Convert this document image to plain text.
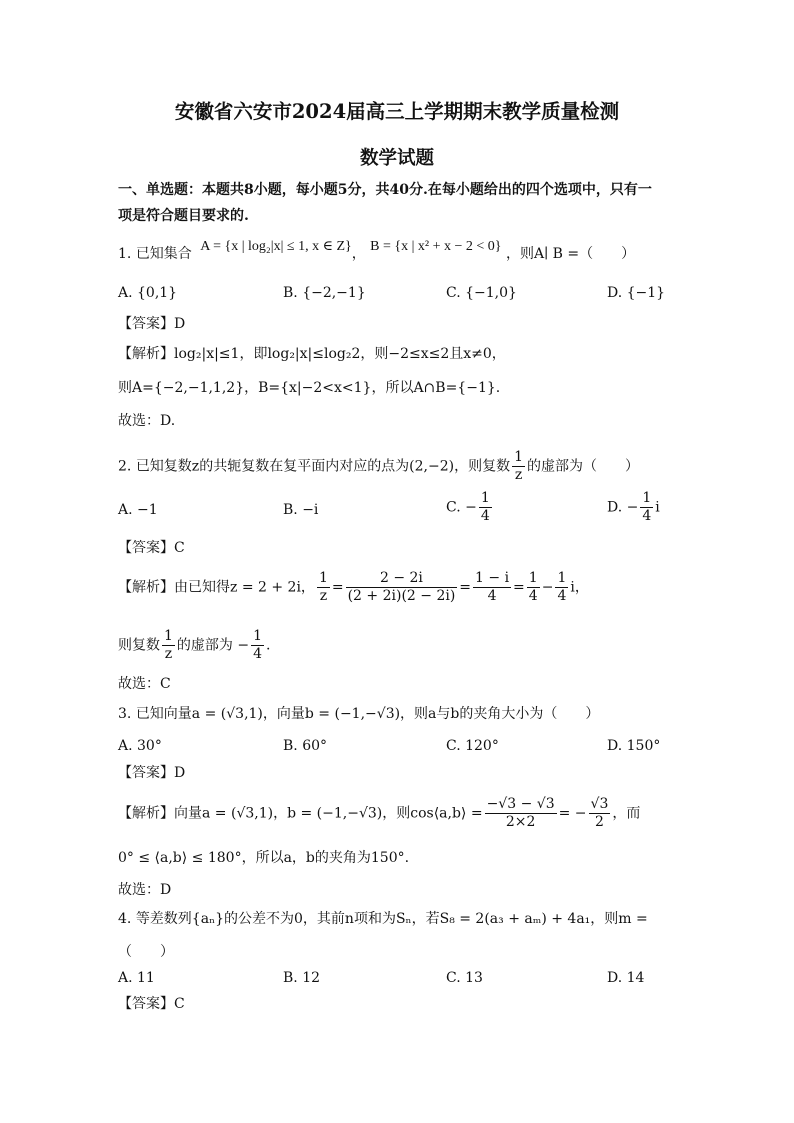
安徽省六安市2024届高三上学期期末教学质量检测
数学试题
一、单选题：本题共8小题，每小题5分，共40分.在每小题给出的四个选项中，只有一
项是符合题目要求的.
1. 已知集合 A = {x | log₂|x| ≤ 1, x ∈ Z}， B = {x | x² + x − 2 < 0} ，则A∣ B =（　　）
A. {0,1}	B. {−2,−1}	C. {−1,0}	D. {−1}
【答案】D
【解析】log₂|x|≤1，即log₂|x|≤log₂2，则−2≤x≤2且x≠0，
则A={−2,−1,1,2}，B={x|−2<x<1}，所以A∩B={−1}.
故选：D.
2. 已知复数z的共轭复数在复平面内对应的点为(2,−2)，则复数 $\frac{1}{z}$ 的虚部为（　　）
A. −1	B. −i	C. − $\frac{1}{4}$	D. − $\frac{1}{4}$ i
【答案】C
【解析】由已知得z = 2 + 2i， $\frac{1}{z} = \frac{2 - 2i}{(2 + 2i)(2 - 2i)} = \frac{1 - i}{4} = \frac{1}{4} - \frac{1}{4}$ i，
则复数 $\frac{1}{z}$ 的虚部为 − $\frac{1}{4}$ .
故选：C
3. 已知向量a = (√3,1)，向量b = (−1,−√3)，则a与b的夹角大小为（　　）
A. 30°	B. 60°	C. 120°	D. 150°
【答案】D
【解析】向量a = (√3,1)，b = (−1,−√3)，则cos⟨a,b⟩ = $\frac{-√3 - √3}{2\times 2}$ = − $\frac{√3}{2}$ ，而
0° ≤ ⟨a,b⟩ ≤ 180°，所以a，b的夹角为150°.
故选：D
4. 等差数列{aₙ}的公差不为0，其前n项和为Sₙ，若S₈ = 2(a₃ + aₘ) + 4a₁，则m =
（　　）
A. 11	B. 12	C. 13	D. 14
【答案】C
